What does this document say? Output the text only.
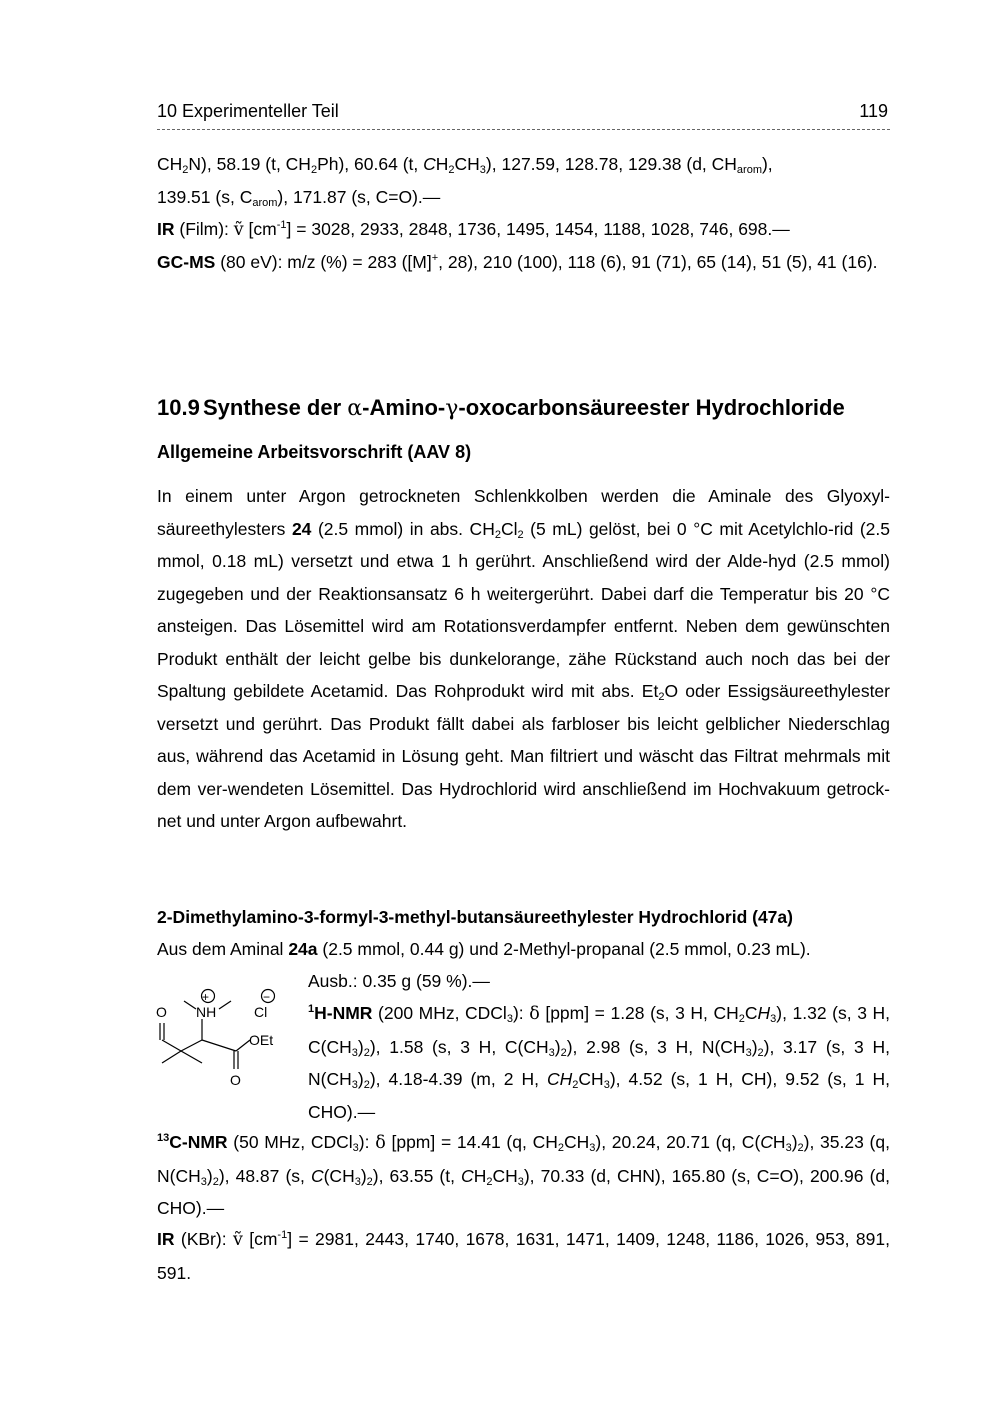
10 Experimenteller Teil	119
$CH_2N$), 58.19 (t, $CH_2Ph$), 60.64 (t, $CH_2CH_3$), 127.59, 128.78, 129.38 (d, $CH_{arom}$),
139.51 (s, $C_{arom}$), 171.87 (s, C=O).—
IR (Film): ṽ $[cm^{-1}] = 3028$, 2933, 2848, 1736, 1495, 1454, 1188, 1028, 746, 698.—
GC-MS (80 eV): m/z (%) = 283 ([M]+, 28), 210 (100), 118 (6), 91 (71), 65 (14), 51 (5), 41 (16).
10.9 Synthese der α-Amino-γ-oxocarbonsäureester Hydrochloride
Allgemeine Arbeitsvorschrift (AAV 8)
In einem unter Argon getrockneten Schlenkkolben werden die Aminale des Glyoxyl-säureethylesters 24 (2.5 mmol) in abs. $CH_2Cl_2$ (5 mL) gelöst, bei 0 °C mit Acetylchlo-rid (2.5 mmol, 0.18 mL) versetzt und etwa 1 h gerührt. Anschließend wird der Alde-hyd (2.5 mmol) zugegeben und der Reaktionsansatz 6 h weitergerührt. Dabei darf die Temperatur bis 20 °C ansteigen. Das Lösemittel wird am Rotationsverdampfer entfernt. Neben dem gewünschten Produkt enthält der leicht gelbe bis dunkelorange, zähe Rückstand auch noch das bei der Spaltung gebildete Acetamid. Das Rohprodukt wird mit abs. $Et_2O$ oder Essigsäureethylester versetzt und gerührt. Das Produkt fällt dabei als farbloser bis leicht gelblicher Niederschlag aus, während das Acetamid in Lösung geht. Man filtriert und wäscht das Filtrat mehrmals mit dem ver-wendeten Lösemittel. Das Hydrochlorid wird anschließend im Hochvakuum getrock-net und unter Argon aufbewahrt.
2-Dimethylamino-3-formyl-3-methyl-butansäureethylester Hydrochlorid (47a)
Aus dem Aminal 24a (2.5 mmol, 0.44 g) und 2-Methyl-propanal (2.5 mmol, 0.23 mL).
Ausb.: 0.35 g (59 %).—
O NH
+
Cl
−
OEt
O
$^1$H-NMR (200 MHz, CDCl$_3$): δ [ppm] = 1.28 (s, 3 H, $CH_2CH_3$), 1.32 (s, 3 H, $C(CH_3)_2$), 1.58 (s, 3 H, $C(CH_3)_2$), 2.98 (s, 3 H, $N(CH_3)_2$), 3.17 (s, 3 H, $N(CH_3)_2$), 4.18-4.39 (m, 2 H, $CH_2CH_3$), 4.52 (s, 1 H, CH), 9.52 (s, 1 H, CHO).—
$^{13}$C-NMR (50 MHz, CDCl$_3$): δ [ppm] = 14.41 (q, $CH_2CH_3$), 20.24, 20.71 (q, $C(CH_3)_2$), 35.23 (q, $N(CH_3)_2$), 48.87 (s, $C(CH_3)_2$), 63.55 (t, $CH_2CH_3$), 70.33 (d, CHN), 165.80 (s, C=O), 200.96 (d, CHO).—
IR (KBr): ṽ $[cm^{-1}] = 2981$, 2443, 1740, 1678, 1631, 1471, 1409, 1248, 1186, 1026, 953, 891, 591.
